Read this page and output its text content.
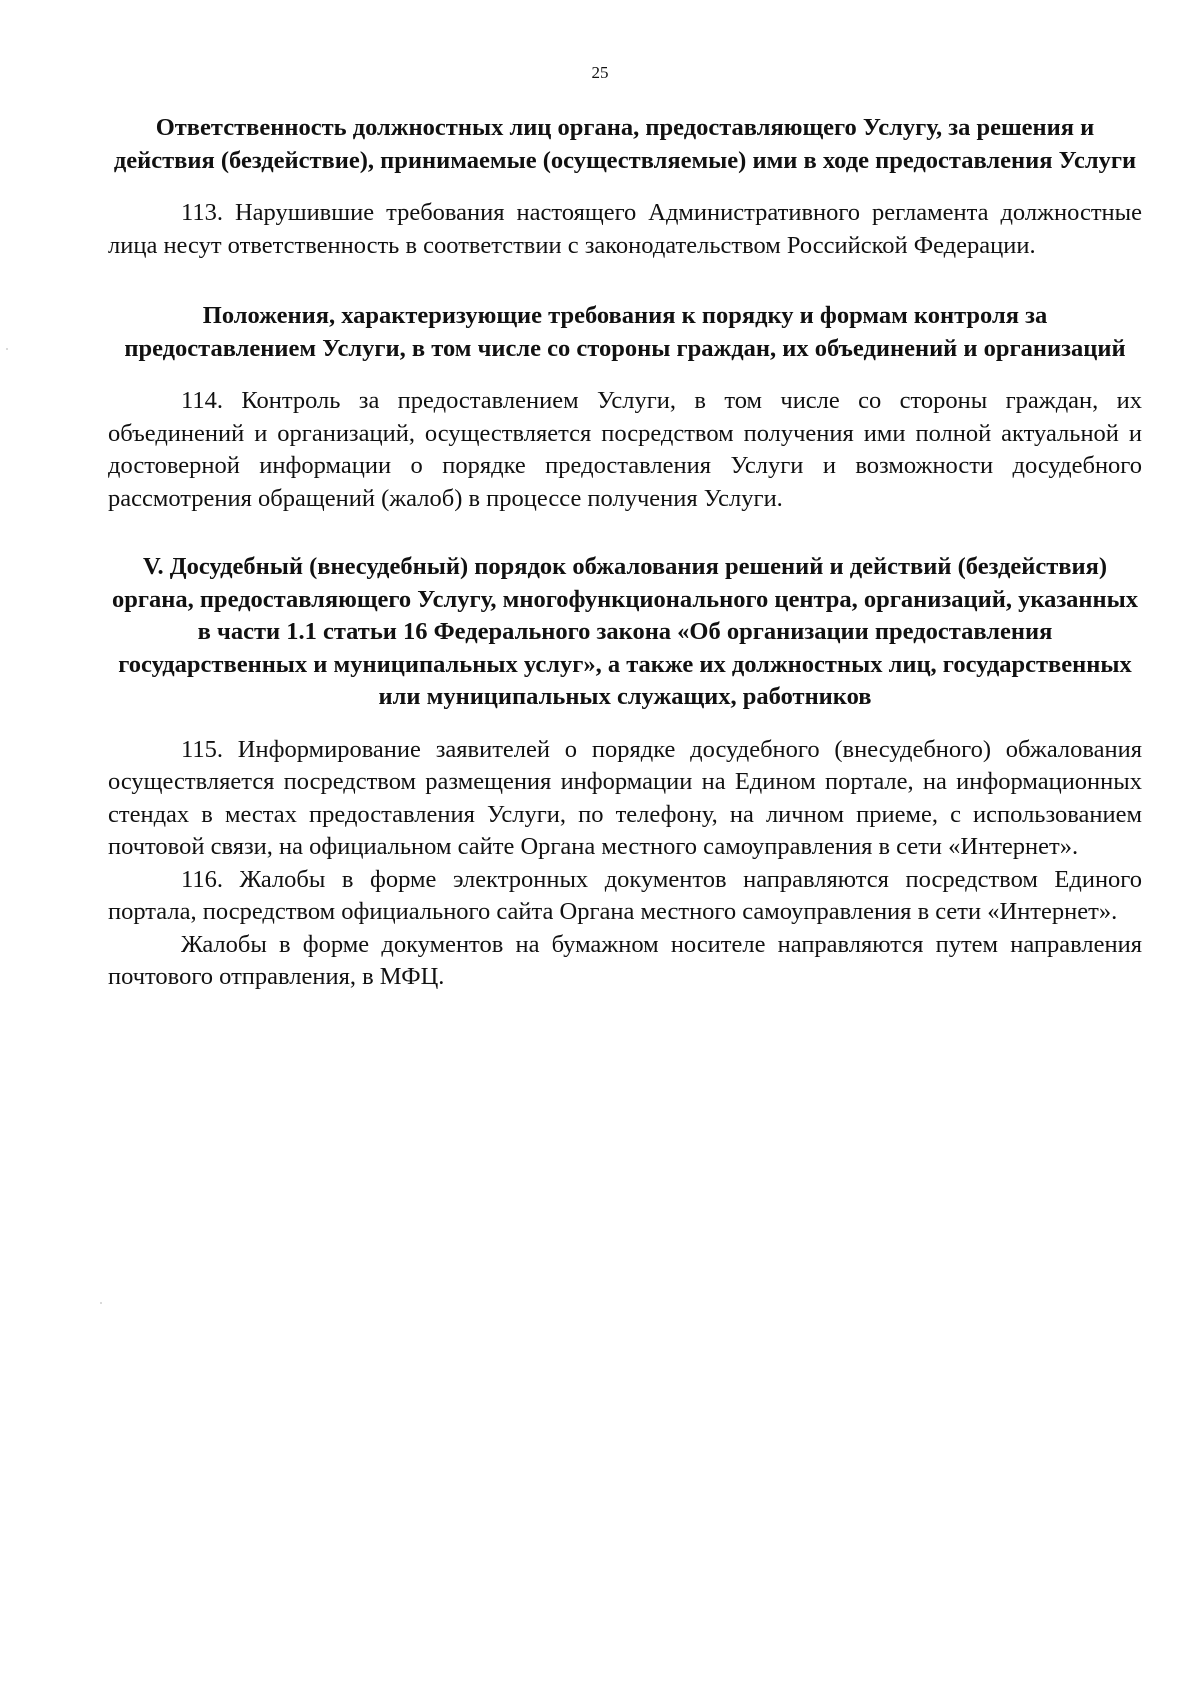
25

Ответственность должностных лиц органа, предоставляющего Услугу, за решения и действия (бездействие), принимаемые (осуществляемые) ими в ходе предоставления Услуги

113. Нарушившие требования настоящего Административного регламента должностные лица несут ответственность в соответствии с законодательством Российской Федерации.

Положения, характеризующие требования к порядку и формам контроля за предоставлением Услуги, в том числе со стороны граждан, их объединений и организаций

114. Контроль за предоставлением Услуги, в том числе со стороны граждан, их объединений и организаций, осуществляется посредством получения ими полной актуальной и достоверной информации о порядке предоставления Услуги и возможности досудебного рассмотрения обращений (жалоб) в процессе получения Услуги.

V. Досудебный (внесудебный) порядок обжалования решений и действий (бездействия) органа, предоставляющего Услугу, многофункционального центра, организаций, указанных в части 1.1 статьи 16 Федерального закона «Об организации предоставления государственных и муниципальных услуг», а также их должностных лиц, государственных или муниципальных служащих, работников

115. Информирование заявителей о порядке досудебного (внесудебного) обжалования осуществляется посредством размещения информации на Едином портале, на информационных стендах в местах предоставления Услуги, по телефону, на личном приеме, с использованием почтовой связи, на официальном сайте Органа местного самоуправления в сети «Интернет».

116. Жалобы в форме электронных документов направляются посредством Единого портала, посредством официального сайта Органа местного самоуправления в сети «Интернет».

Жалобы в форме документов на бумажном носителе направляются путем направления почтового отправления, в МФЦ.
